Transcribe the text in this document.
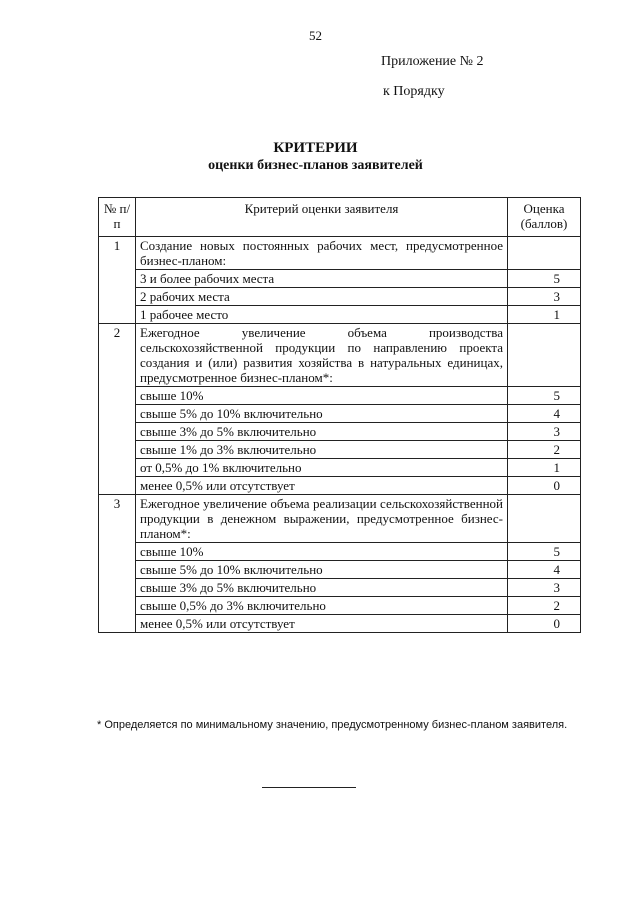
52
Приложение № 2
к Порядку
КРИТЕРИИ
оценки бизнес-планов заявителей
№ п/п	Критерий оценки заявителя	Оценка (баллов)
1	Создание новых постоянных рабочих мест, предусмотренное бизнес-планом:	
	3 и более рабочих места	5
	2 рабочих места	3
	1 рабочее место	1
2	Ежегодное увеличение объема производства сельскохозяйственной продукции по направлению проекта создания и (или) развития хозяйства в натуральных единицах, предусмотренное бизнес-планом*:	
	свыше 10%	5
	свыше 5% до 10% включительно	4
	свыше 3% до 5% включительно	3
	свыше 1% до 3% включительно	2
	от 0,5% до 1% включительно	1
	менее 0,5% или отсутствует	0
3	Ежегодное увеличение объема реализации сельскохозяйственной продукции в денежном выражении, предусмотренное бизнес-планом*:	
	свыше 10%	5
	свыше 5% до 10% включительно	4
	свыше 3% до 5% включительно	3
	свыше 0,5% до 3% включительно	2
	менее 0,5% или отсутствует	0
* Определяется по минимальному значению, предусмотренному бизнес-планом заявителя.
